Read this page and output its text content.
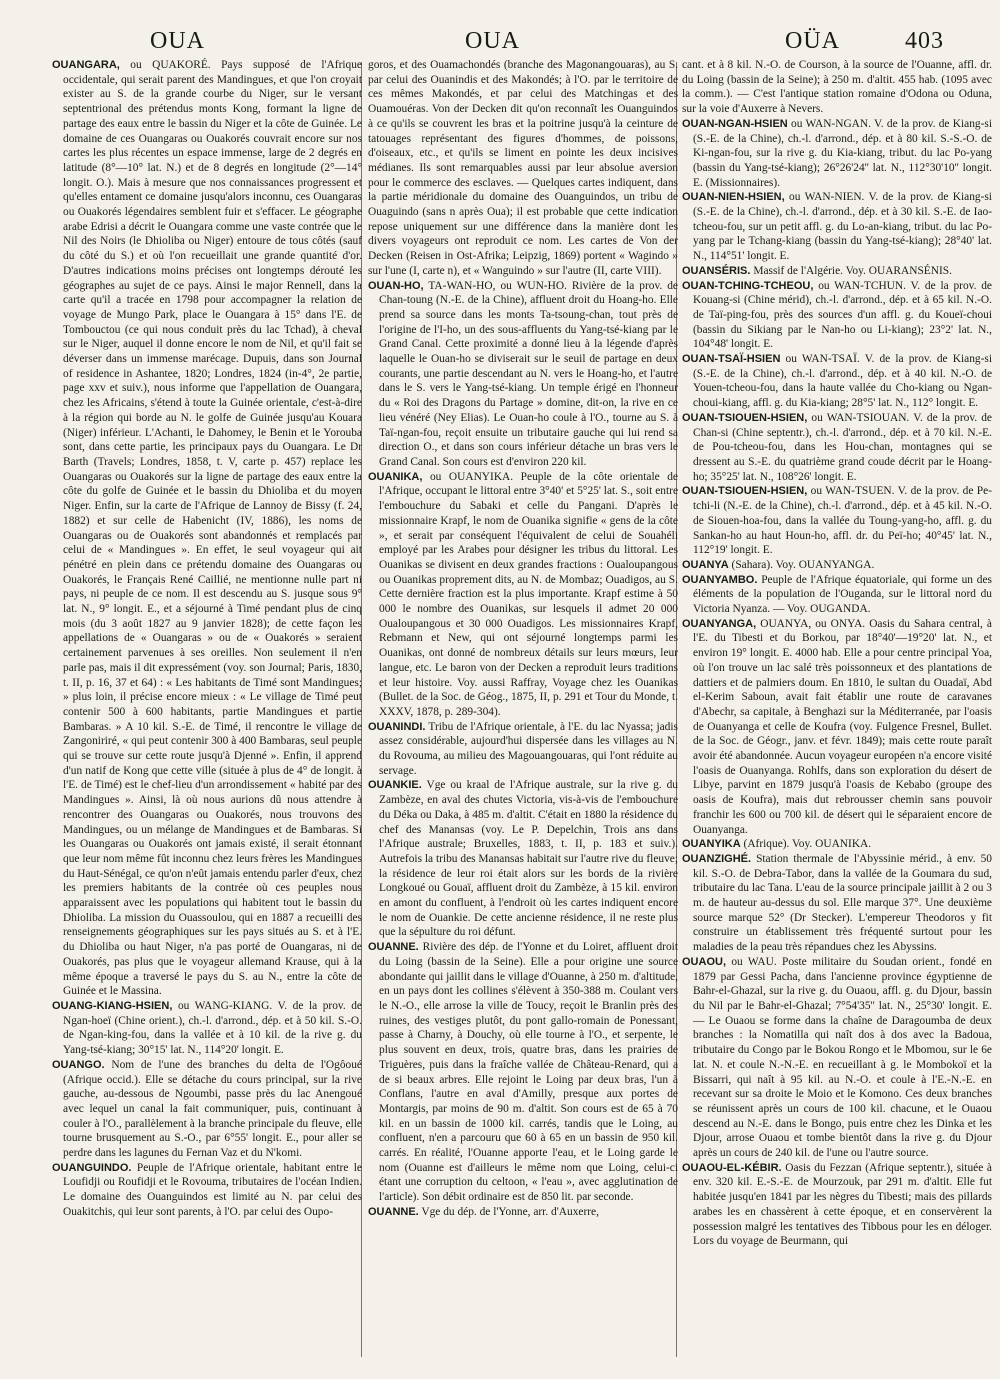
OUA	OUA	OÜA	403

OUANGARA, ou QUAKORÉ. Pays supposé de l'Afrique occidentale, qui serait parent des Mandingues, et que l'on croyait exister au S. de la grande courbe du Niger, sur le versant septentrional des prétendus monts Kong, formant la ligne de partage des eaux entre le bassin du Niger et la côte de Guinée. Le domaine de ces Ouangaras ou Ouakorés couvrait encore sur nos cartes les plus récentes un espace immense, large de 2 degrés en latitude (8°—10° lat. N.) et de 8 degrés en longitude (2°—14° longit. O.). Mais à mesure que nos connaissances progressent et qu'elles entament ce domaine jusqu'alors inconnu, ces Ouangaras ou Ouakorés légendaires semblent fuir et s'effacer. Le géographe arabe Edrisi a décrit le Ouangara comme une vaste contrée que le Nil des Noirs (le Dhioliba ou Niger) entoure de tous côtés (sauf du côté du S.) et où l'on recueillait une grande quantité d'or. D'autres indications moins précises ont longtemps dérouté les géographes au sujet de ce pays. Ainsi le major Rennell, dans la carte qu'il a tracée en 1798 pour accompagner la relation de voyage de Mungo Park, place le Ouangara à 15° dans l'E. de Tombouctou (ce qui nous conduit près du lac Tchad), à cheval sur le Niger, auquel il donne encore le nom de Nil, et qu'il fait se déverser dans un immense marécage. Dupuis, dans son Journal of residence in Ashantee, 1820; Londres, 1824 (in-4°, 2e partie, page xxv et suiv.), nous informe que l'appellation de Ouangara, chez les Africains, s'étend à toute la Guinée orientale, c'est-à-dire à la région qui borde au N. le golfe de Guinée jusqu'au Kouara (Niger) inférieur. L'Achanti, le Dahomey, le Benin et le Yorouba sont, dans cette partie, les principaux pays du Ouangara. Le Dr Barth (Travels; Londres, 1858, t. V, carte p. 457) replace les Ouangaras ou Ouakorés sur la ligne de partage des eaux entre la côte du golfe de Guinée et le bassin du Dhioliba et du moyen Niger. Enfin, sur la carte de l'Afrique de Lannoy de Bissy (f. 24, 1882) et sur celle de Habenicht (IV, 1886), les noms de Ouangaras ou de Ouakorés sont abandonnés et remplacés par celui de « Mandingues ». En effet, le seul voyageur qui ait pénétré en plein dans ce prétendu domaine des Ouangaras ou Ouakorés, le Français René Caillié, ne mentionne nulle part ni pays, ni peuple de ce nom. Il est descendu au S. jusque sous 9° lat. N., 9° longit. E., et a séjourné à Timé pendant plus de cinq mois (du 3 août 1827 au 9 janvier 1828); de cette façon les appellations de « Ouangaras » ou de « Ouakorés » seraient certainement parvenues à ses oreilles. Non seulement il n'en parle pas, mais il dit expressément (voy. son Journal; Paris, 1830, t. II, p. 16, 37 et 64) : « Les habitants de Timé sont Mandingues; » plus loin, il précise encore mieux : « Le village de Timé peut contenir 500 à 600 habitants, partie Mandingues et partie Bambaras. » A 10 kil. S.-E. de Timé, il rencontre le village de Zangoniriré, « qui peut contenir 300 à 400 Bambaras, seul peuple qui se trouve sur cette route jusqu'à Djenné ». Enfin, il apprend d'un natif de Kong que cette ville (située à plus de 4° de longit. à l'E. de Timé) est le chef-lieu d'un arrondissement « habité par des Mandingues ». Ainsi, là où nous aurions dû nous attendre à rencontrer des Ouangaras ou Ouakorés, nous trouvons des Mandingues, ou un mélange de Mandingues et de Bambaras. Si les Ouangaras ou Ouakorés ont jamais existé, il serait étonnant que leur nom même fût inconnu chez leurs frères les Mandingues du Haut-Sénégal, ce qu'on n'eût jamais entendu parler d'eux, chez les premiers habitants de la contrée où ces peuples nous apparaissent avec les populations qui habitent tout le bassin du Dhioliba. La mission du Ouassoulou, qui en 1887 a recueilli des renseignements géographiques sur les pays situés au S. et à l'E. du Dhioliba ou haut Niger, n'a pas porté de Ouangaras, ni de Ouakorés, pas plus que le voyageur allemand Krause, qui à la même époque a traversé le pays du S. au N., entre la côte de Guinée et le Massina.

OUANG-KIANG-HSIEN, ou WANG-KIANG. V. de la prov. de Ngan-hoeï (Chine orient.), ch.-l. d'arrond., dép. et à 50 kil. S.-O. de Ngan-king-fou, dans la vallée et à 10 kil. de la rive g. du Yang-tsé-kiang; 30°15' lat. N., 114°20' longit. E.

OUANGO. Nom de l'une des branches du delta de l'Ogôoué (Afrique occid.). Elle se détache du cours principal, sur la rive gauche, au-dessous de Ngoumbi, passe près du lac Anengoué avec lequel un canal la fait communiquer, puis, continuant à couler à l'O., parallèlement à la branche principale du fleuve, elle tourne brusquement au S.-O., par 6°55' longit. E., pour aller se perdre dans les lagunes du Fernan Vaz et du N'komi.

OUANGUINDO. Peuple de l'Afrique orientale, habitant entre le Loufidji ou Roufidji et le Rovouma, tributaires de l'océan Indien. Le domaine des Ouanguindos est limité au N. par celui des Ouakitchis, qui leur sont parents, à l'O. par celui des Oupo-

goros, et des Ouamachondés (branche des Magonangouaras), au S. par celui des Ouanindis et des Makondés; à l'O. par le territoire de ces mêmes Makondés, et par celui des Matchingas et des Ouamouéras. Von der Decken dit qu'on reconnaît les Ouanguindos à ce qu'ils se couvrent les bras et la poitrine jusqu'à la ceinture de tatouages représentant des figures d'hommes, de poissons, d'oiseaux, etc., et qu'ils se liment en pointe les deux incisives médianes. Ils sont remarquables aussi par leur absolue aversion pour le commerce des esclaves. — Quelques cartes indiquent, dans la partie méridionale du domaine des Ouanguindos, un tribu de Ouaguindo (sans n après Oua); il est probable que cette indication repose uniquement sur une différence dans la manière dont les divers voyageurs ont reproduit ce nom. Les cartes de Von der Decken (Reisen in Ost-Afrika; Leipzig, 1869) portent « Wagindo » sur l'une (I, carte n), et « Wanguindo » sur l'autre (II, carte VIII).

OUAN-HO, TA-WAN-HO, ou WUN-HO. Rivière de la prov. de Chan-toung (N.-E. de la Chine), affluent droit du Hoang-ho. Elle prend sa source dans les monts Ta-tsoung-chan, tout près de l'origine de l'I-ho, un des sous-affluents du Yang-tsé-kiang par le Grand Canal. Cette proximité a donné lieu à la légende d'après laquelle le Ouan-ho se diviserait sur le seuil de partage en deux courants, une partie descendant au N. vers le Hoang-ho, et l'autre dans le S. vers le Yang-tsé-kiang. Un temple érigé en l'honneur du « Roi des Dragons du Partage » domine, dit-on, la rive en ce lieu vénéré (Ney Elias). Le Ouan-ho coule à l'O., tourne au S. à Taï-ngan-fou, reçoit ensuite un tributaire gauche qui lui rend sa direction O., et dans son cours inférieur détache un bras vers le Grand Canal. Son cours est d'environ 220 kil.

OUANIKA, ou OUANYIKA. Peuple de la côte orientale de l'Afrique, occupant le littoral entre 3°40' et 5°25' lat. S., soit entre l'embouchure du Sabaki et celle du Pangani. D'après le missionnaire Krapf, le nom de Ouanika signifie « gens de la côte », et serait par conséquent l'équivalent de celui de Souahéli employé par les Arabes pour désigner les tribus du littoral. Les Ouanikas se divisent en deux grandes fractions : Oualoupangous ou Ouanikas proprement dits, au N. de Mombaz; Ouadigos, au S. Cette dernière fraction est la plus importante. Krapf estime à 50 000 le nombre des Ouanikas, sur lesquels il admet 20 000 Oualoupangous et 30 000 Ouadigos. Les missionnaires Krapf, Rebmann et New, qui ont séjourné longtemps parmi les Ouanikas, ont donné de nombreux détails sur leurs mœurs, leur langue, etc. Le baron von der Decken a reproduit leurs traditions et leur histoire. Voy. aussi Raffray, Voyage chez les Ouanikas (Bullet. de la Soc. de Géog., 1875, II, p. 291 et Tour du Monde, t. XXXV, 1878, p. 289-304).

OUANINDI. Tribu de l'Afrique orientale, à l'E. du lac Nyassa; jadis assez considérable, aujourd'hui dispersée dans les villages au N. du Rovouma, au milieu des Magouangouaras, qui l'ont réduite au servage.

OUANKIE. Vge ou kraal de l'Afrique australe, sur la rive g. du Zambèze, en aval des chutes Victoria, vis-à-vis de l'embouchure du Déka ou Daka, à 485 m. d'altit. C'était en 1880 la résidence du chef des Manansas (voy. Le P. Depelchin, Trois ans dans l'Afrique australe; Bruxelles, 1883, t. II, p. 183 et suiv.). Autrefois la tribu des Manansas habitait sur l'autre rive du fleuve; la résidence de leur roi était alors sur les bords de la rivière Longkoué ou Gouaï, affluent droit du Zambèze, à 15 kil. environ en amont du confluent, à l'endroit où les cartes indiquent encore le nom de Ouankie. De cette ancienne résidence, il ne reste plus que la sépulture du roi défunt.

OUANNE. Rivière des dép. de l'Yonne et du Loiret, affluent droit du Loing (bassin de la Seine). Elle a pour origine une source abondante qui jaillit dans le village d'Ouanne, à 250 m. d'altitude, en un pays dont les collines s'élèvent à 350-388 m. Coulant vers le N.-O., elle arrose la ville de Toucy, reçoit le Branlin près des ruines, des vestiges plutôt, du pont gallo-romain de Ponessant, passe à Charny, à Douchy, où elle tourne à l'O., et serpente, le plus souvent en deux, trois, quatre bras, dans les prairies de Triguères, puis dans la fraîche vallée de Château-Renard, qui a de si beaux arbres. Elle rejoint le Loing par deux bras, l'un à Conflans, l'autre en aval d'Amilly, presque aux portes de Montargis, par moins de 90 m. d'altit. Son cours est de 65 à 70 kil. en un bassin de 1000 kil. carrés, tandis que le Loing, au confluent, n'en a parcouru que 60 à 65 en un bassin de 950 kil. carrés. En réalité, l'Ouanne apporte l'eau, et le Loing garde le nom (Ouanne est d'ailleurs le même nom que Loing, celui-ci étant une corruption du celtoon, « l'eau », avec agglutination de l'article). Son débit ordinaire est de 850 lit. par seconde.

OUANNE. Vge du dép. de l'Yonne, arr. d'Auxerre,

cant. et à 8 kil. N.-O. de Courson, à la source de l'Ouanne, affl. dr. du Loing (bassin de la Seine); à 250 m. d'altit. 455 hab. (1095 avec la comm.). — C'est l'antique station romaine d'Odona ou Oduna, sur la voie d'Auxerre à Nevers.

OUAN-NGAN-HSIEN ou WAN-NGAN. V. de la prov. de Kiang-si (S.-E. de la Chine), ch.-l. d'arrond., dép. et à 80 kil. S.-S.-O. de Ki-ngan-fou, sur la rive g. du Kia-kiang, tribut. du lac Po-yang (bassin du Yang-tsé-kiang); 26°26'24'' lat. N., 112°30'10'' longit. E. (Missionnaires).

OUAN-NIEN-HSIEN, ou WAN-NIEN. V. de la prov. de Kiang-si (S.-E. de la Chine), ch.-l. d'arrond., dép. et à 30 kil. S.-E. de Iao-tcheou-fou, sur un petit affl. g. du Lo-an-kiang, tribut. du lac Po-yang par le Tchang-kiang (bassin du Yang-tsé-kiang); 28°40' lat. N., 114°51' longit. E.

OUANSÉRIS. Massif de l'Algérie. Voy. OUARANSÉNIS.

OUAN-TCHING-TCHEOU, ou WAN-TCHUN. V. de la prov. de Kouang-si (Chine mérid), ch.-l. d'arrond., dép. et à 65 kil. N.-O. de Taï-ping-fou, près des sources d'un affl. g. du Koueï-choui (bassin du Sikiang par le Nan-ho ou Li-kiang); 23°2' lat. N., 104°48' longit. E.

OUAN-TSAÏ-HSIEN ou WAN-TSAÏ. V. de la prov. de Kiang-si (S.-E. de la Chine), ch.-l. d'arrond., dép. et à 40 kil. N.-O. de Youen-tcheou-fou, dans la haute vallée du Cho-kiang ou Ngan-choui-kiang, affl. g. du Kia-kiang; 28°5' lat. N., 112° longit. E.

OUAN-TSIOUEN-HSIEN, ou WAN-TSIOUAN. V. de la prov. de Chan-si (Chine septentr.), ch.-l. d'arrond., dép. et à 70 kil. N.-E. de Pou-tcheou-fou, dans les Hou-chan, montagnes qui se dressent au S.-E. du quatrième grand coude décrit par le Hoang-ho; 35°25' lat. N., 108°26' longit. E.

OUAN-TSIOUEN-HSIEN, ou WAN-TSUEN. V. de la prov. de Pe-tchi-li (N.-E. de la Chine), ch.-l. d'arrond., dép. et à 45 kil. N.-O. de Siouen-hoa-fou, dans la vallée du Toung-yang-ho, affl. g. du Sankan-ho au haut Houn-ho, affl. dr. du Peï-ho; 40°45' lat. N., 112°19' longit. E.

OUANYA (Sahara). Voy. OUANYANGA.

OUANYAMBO. Peuple de l'Afrique équatoriale, qui forme un des éléments de la population de l'Ouganda, sur le littoral nord du Victoria Nyanza. — Voy. OUGANDA.

OUANYANGA, OUANYA, ou ONYA. Oasis du Sahara central, à l'E. du Tibesti et du Borkou, par 18°40'—19°20' lat. N., et environ 19° longit. E. 4000 hab. Elle a pour centre principal Yoa, où l'on trouve un lac salé très poissonneux et des plantations de dattiers et de palmiers doum. En 1810, le sultan du Ouadaï, Abd el-Kerim Saboun, avait fait établir une route de caravanes d'Abechr, sa capitale, à Benghazi sur la Méditerranée, par l'oasis de Ouanyanga et celle de Koufra (voy. Fulgence Fresnel, Bullet. de la Soc. de Géogr., janv. et févr. 1849); mais cette route paraît avoir été abandonnée. Aucun voyageur européen n'a encore visité l'oasis de Ouanyanga. Rohlfs, dans son exploration du désert de Libye, parvint en 1879 jusqu'à l'oasis de Kebabo (groupe des oasis de Koufra), mais dut rebrousser chemin sans pouvoir franchir les 600 ou 700 kil. de désert qui le séparaient encore de Ouanyanga.

OUANYIKA (Afrique). Voy. OUANIKA.

OUANZIGHÉ. Station thermale de l'Abyssinie mérid., à env. 50 kil. S.-O. de Debra-Tabor, dans la vallée de la Goumara du sud, tributaire du lac Tana. L'eau de la source principale jaillit à 2 ou 3 m. de hauteur au-dessus du sol. Elle marque 37°. Une deuxième source marque 52° (Dr Stecker). L'empereur Theodoros y fit construire un établissement très fréquenté surtout pour les maladies de la peau très répandues chez les Abyssins.

OUAOU, ou WAU. Poste militaire du Soudan orient., fondé en 1879 par Gessi Pacha, dans l'ancienne province égyptienne de Bahr-el-Ghazal, sur la rive g. du Ouaou, affl. g. du Djour, bassin du Nil par le Bahr-el-Ghazal; 7°54'35'' lat. N., 25°30' longit. E. — Le Ouaou se forme dans la chaîne de Daragoumba de deux branches : la Nomatilla qui naît dos à dos avec la Badoua, tributaire du Congo par le Bokou Rongo et le Mbomou, sur le 6e lat. N. et coule N.-N.-E. en recueillant à g. le Mombokoï et la Bissarri, qui naît à 95 kil. au N.-O. et coule à l'E.-N.-E. en recevant sur sa droite le Moio et le Komono. Ces deux branches se réunissent après un cours de 100 kil. chacune, et le Ouaou descend au N.-E. dans le Bongo, puis entre chez les Dinka et les Djour, arrose Ouaou et tombe bientôt dans la rive g. du Djour après un cours de 240 kil. de l'une ou l'autre source.

OUAOU-EL-KÉBIR. Oasis du Fezzan (Afrique septentr.), située à env. 320 kil. E.-S.-E. de Mourzouk, par 291 m. d'altit. Elle fut habitée jusqu'en 1841 par les nègres du Tibesti; mais des pillards arabes les en chassèrent à cette époque, et en conservèrent la possession malgré les tentatives des Tibbous pour les en déloger. Lors du voyage de Beurmann, qui
